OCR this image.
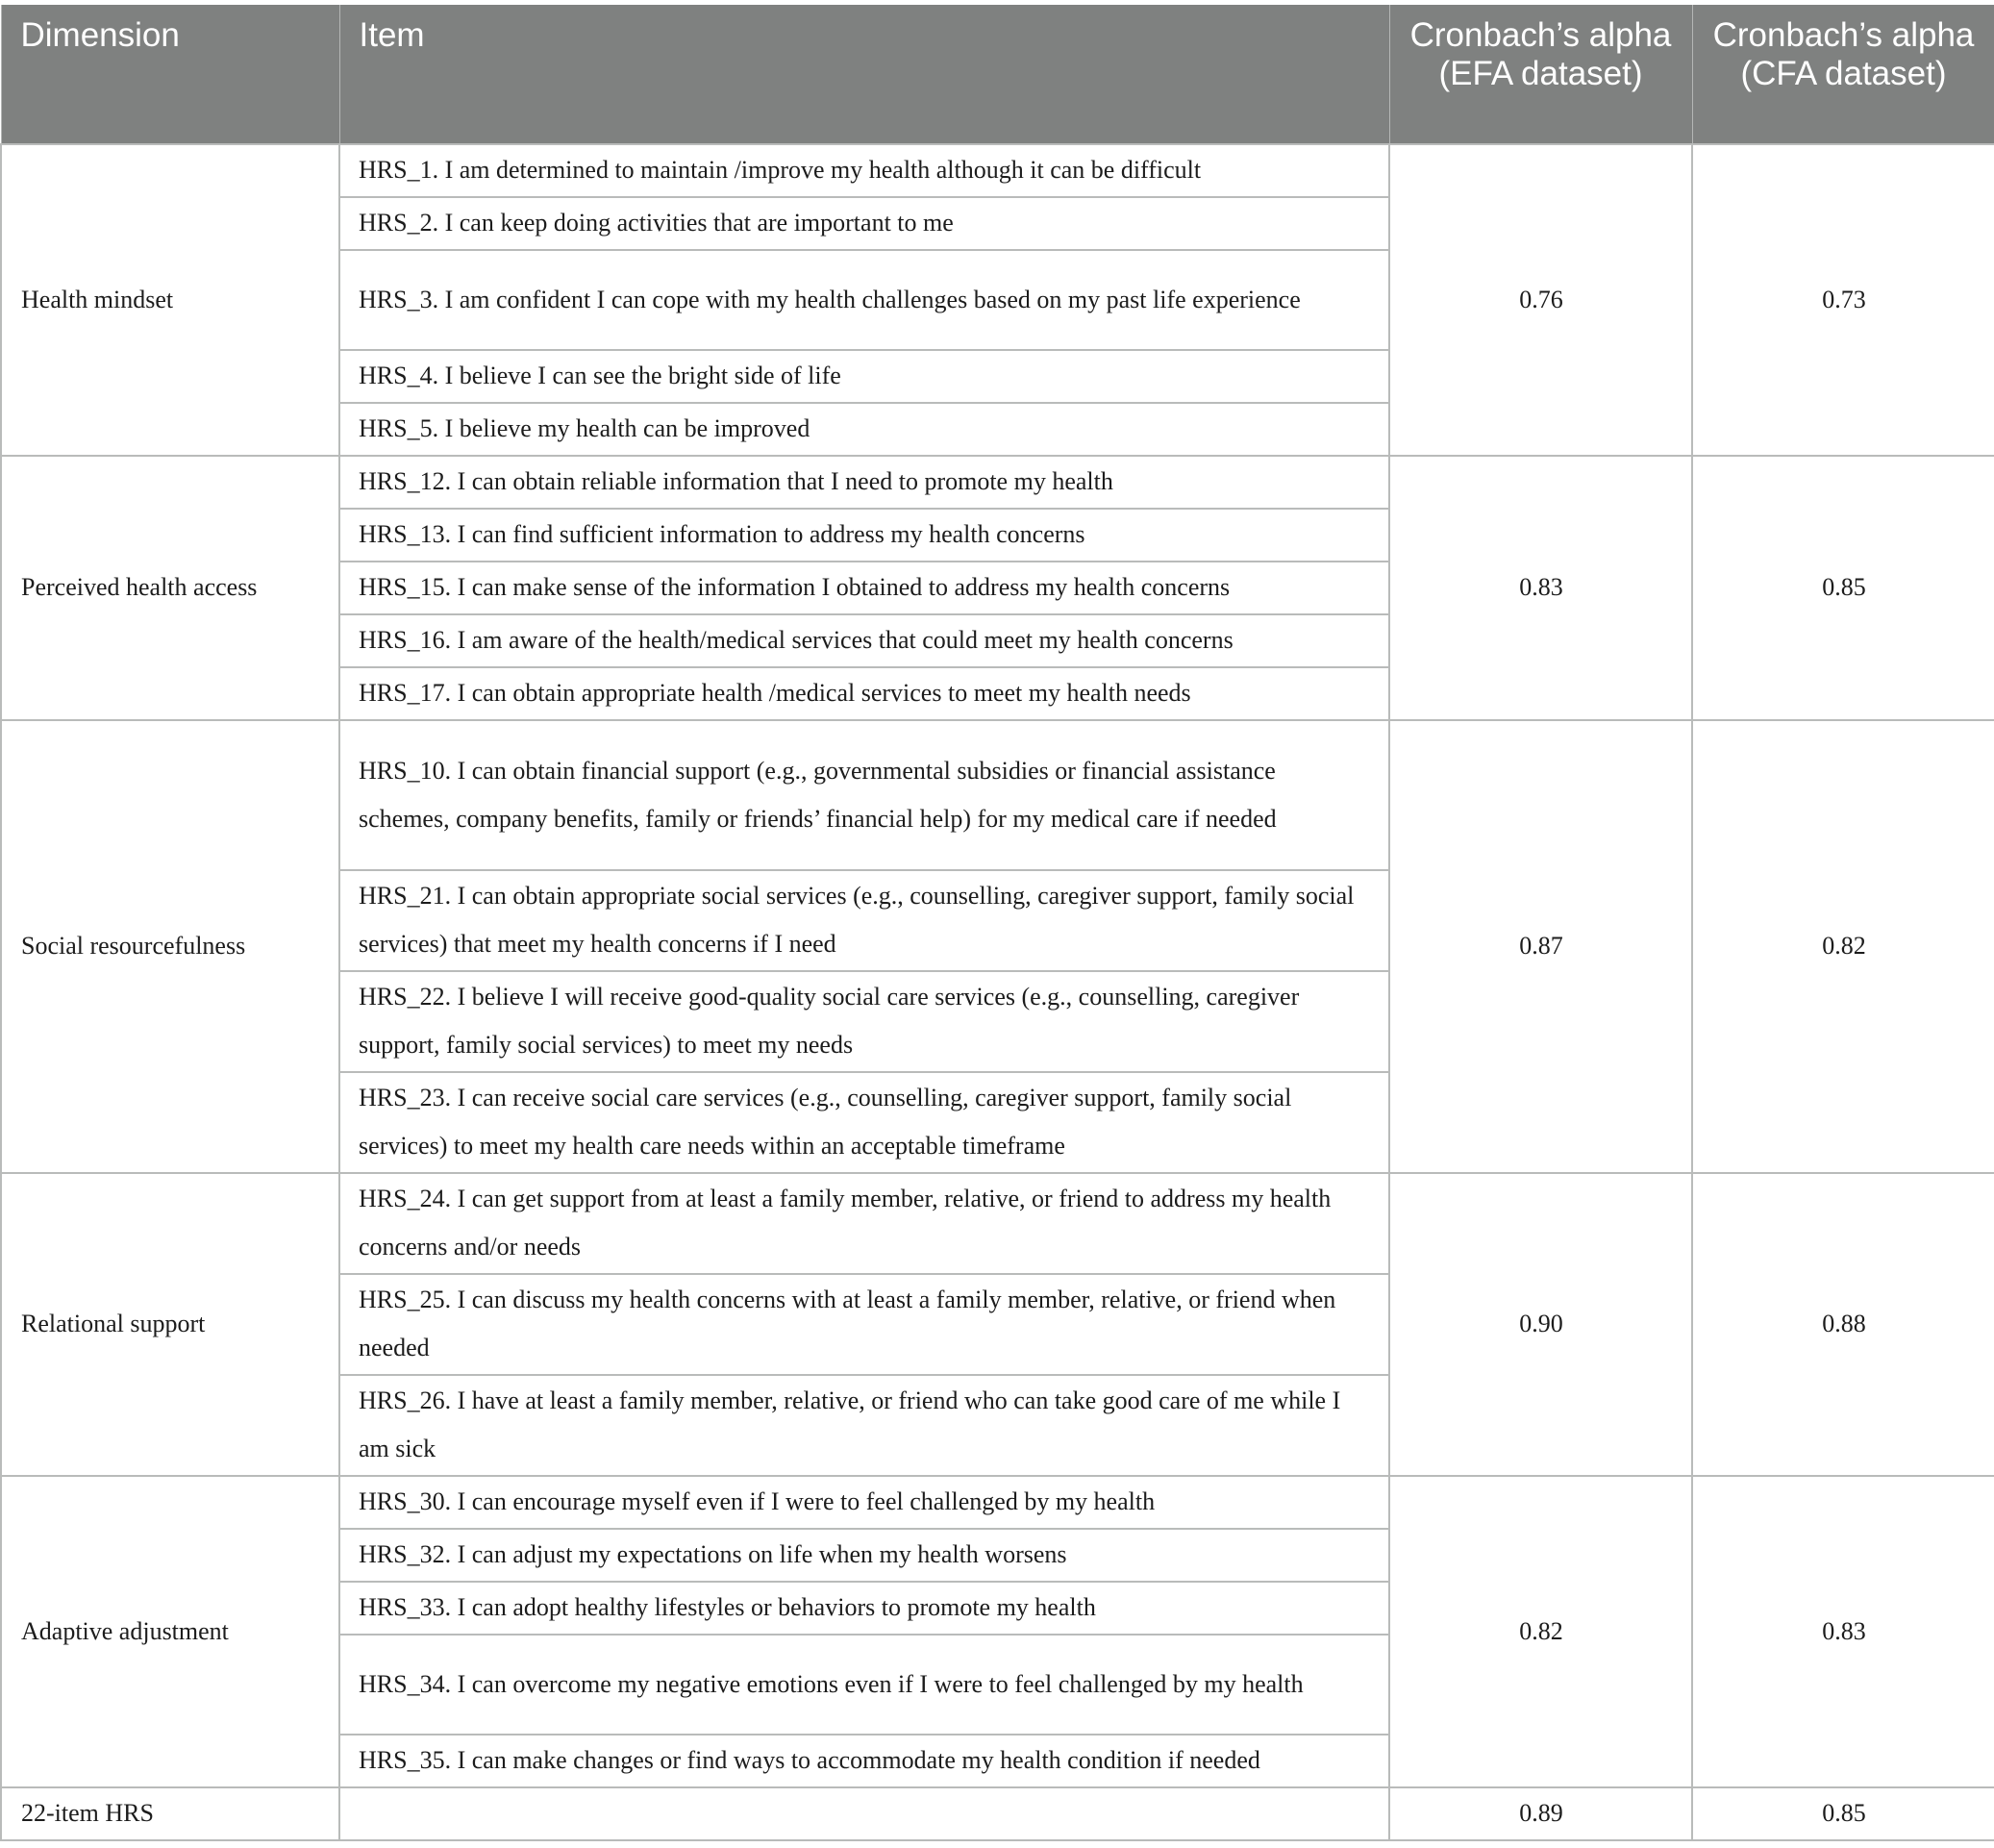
Dimension	Item	Cronbach’s alpha (EFA dataset)	Cronbach’s alpha (CFA dataset)
Health mindset	HRS_1. I am determined to maintain /improve my health although it can be difficult	0.76	0.73
	HRS_2. I can keep doing activities that are important to me		
	HRS_3. I am confident I can cope with my health challenges based on my past life experience		
	HRS_4. I believe I can see the bright side of life		
	HRS_5. I believe my health can be improved		
Perceived health access	HRS_12. I can obtain reliable information that I need to promote my health	0.83	0.85
	HRS_13. I can find sufficient information to address my health concerns		
	HRS_15. I can make sense of the information I obtained to address my health concerns		
	HRS_16. I am aware of the health/medical services that could meet my health concerns		
	HRS_17. I can obtain appropriate health /medical services to meet my health needs		
Social resourcefulness	HRS_10. I can obtain financial support (e.g., governmental subsidies or financial assistance schemes, company benefits, family or friends’ financial help) for my medical care if needed	0.87	0.82
	HRS_21. I can obtain appropriate social services (e.g., counselling, caregiver support, family social services) that meet my health concerns if I need		
	HRS_22. I believe I will receive good-quality social care services (e.g., counselling, caregiver support, family social services) to meet my needs		
	HRS_23. I can receive social care services (e.g., counselling, caregiver support, family social services) to meet my health care needs within an acceptable timeframe		
Relational support	HRS_24. I can get support from at least a family member, relative, or friend to address my health concerns and/or needs	0.90	0.88
	HRS_25. I can discuss my health concerns with at least a family member, relative, or friend when needed		
	HRS_26. I have at least a family member, relative, or friend who can take good care of me while I am sick		
Adaptive adjustment	HRS_30. I can encourage myself even if I were to feel challenged by my health	0.82	0.83
	HRS_32. I can adjust my expectations on life when my health worsens		
	HRS_33. I can adopt healthy lifestyles or behaviors to promote my health		
	HRS_34. I can overcome my negative emotions even if I were to feel challenged by my health		
	HRS_35. I can make changes or find ways to accommodate my health condition if needed		
22-item HRS		0.89	0.85
